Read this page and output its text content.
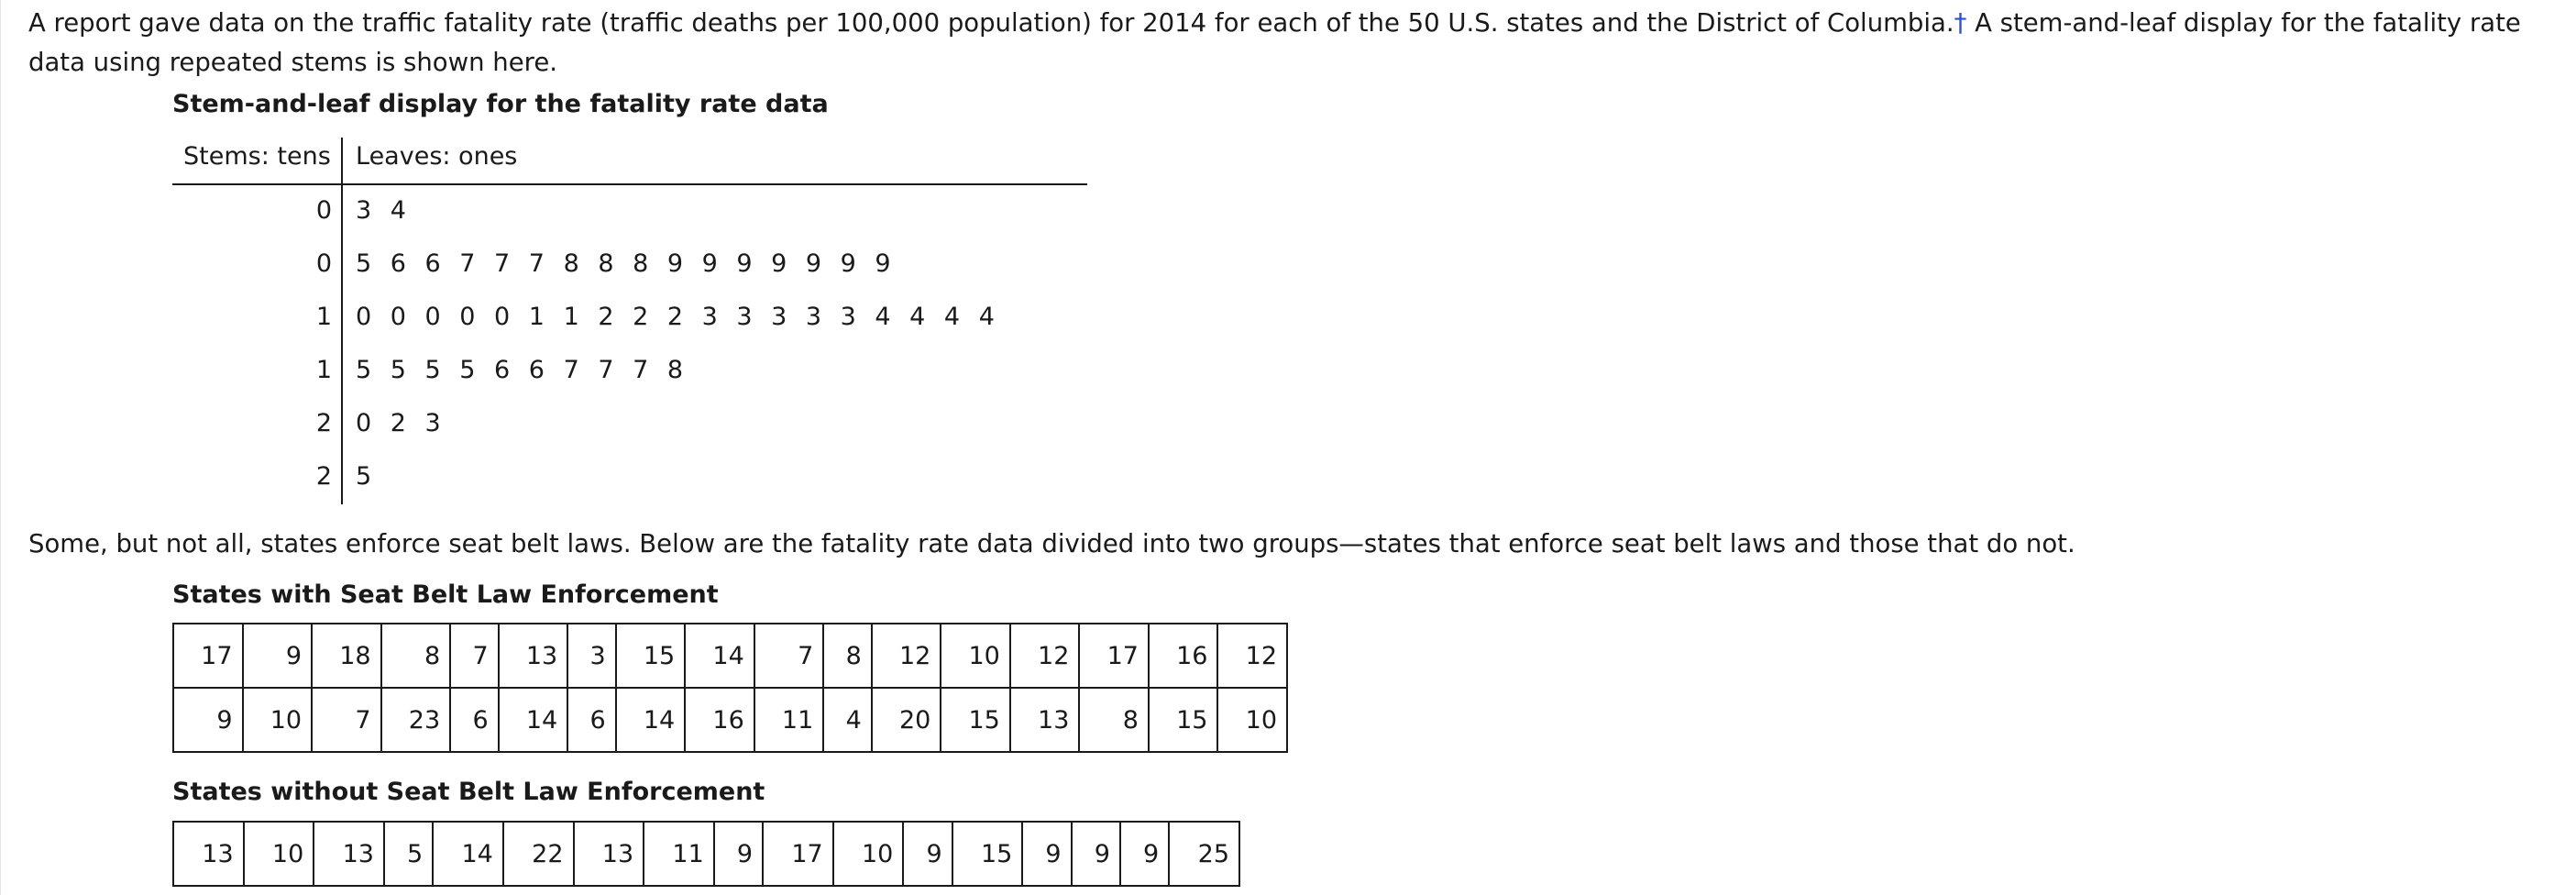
A report gave data on the traffic fatality rate (traffic deaths per 100,000 population) for 2014 for each of the 50 U.S. states and the District of Columbia.† A stem-and-leaf display for the fatality rate data using repeated stems is shown here.

Stem-and-leaf display for the fatality rate data

Stems: tens Leaves: ones
0 3 4
0 5 6 6 7 7 7 8 8 8 9 9 9 9 9 9 9
1 0 0 0 0 0 1 1 2 2 2 3 3 3 3 3 4 4 4 4
1 5 5 5 5 6 6 7 7 7 8
2 0 2 3
2 5

Some, but not all, states enforce seat belt laws. Below are the fatality rate data divided into two groups—states that enforce seat belt laws and those that do not.

States with Seat Belt Law Enforcement

17	9	18	8	7	13	3	15	14	7	8	12	10	12	17	16	12
9	10	7	23	6	14	6	14	16	11	4	20	15	13	8	15	10

States without Seat Belt Law Enforcement

13	10	13	5	14	22	13	11	9	17	10	9	15	9	9	9	25
